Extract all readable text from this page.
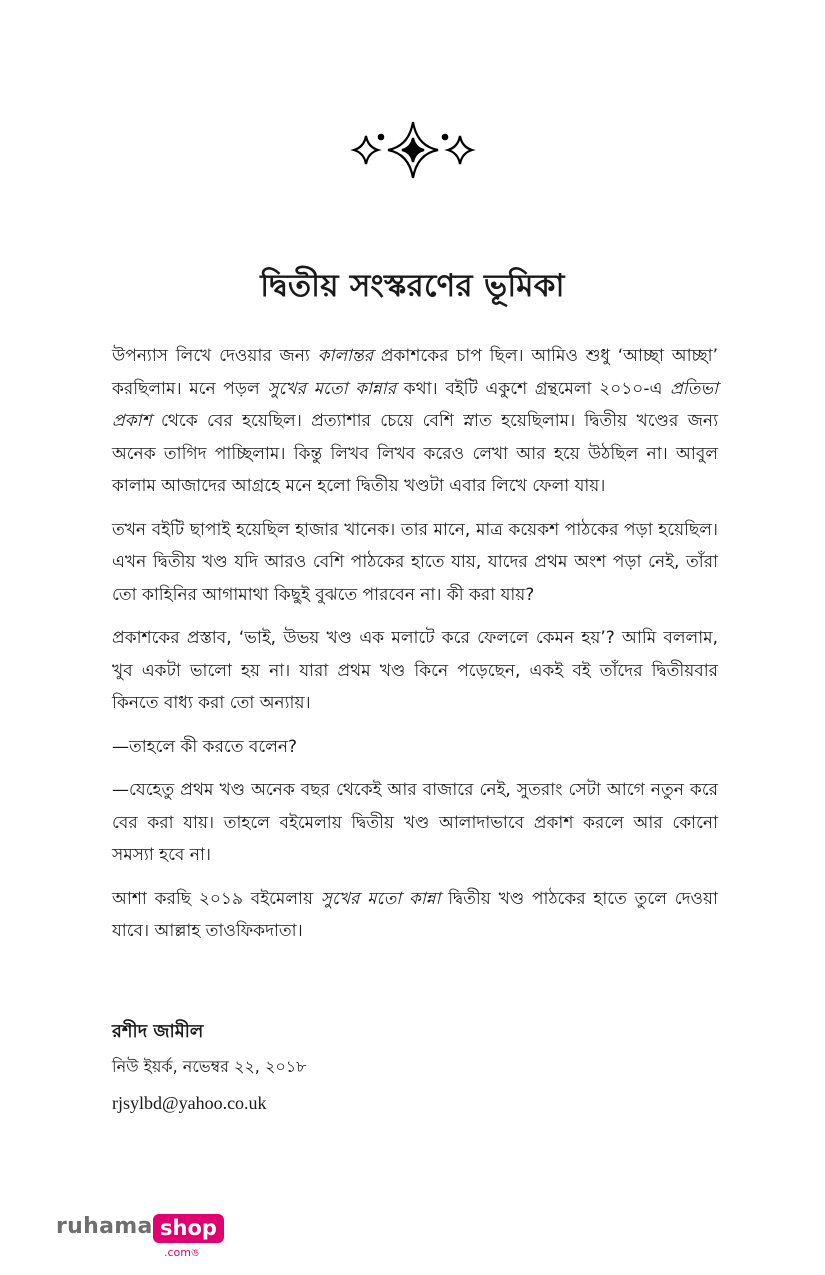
দ্বিতীয় সংস্করণের ভূমিকা

উপন্যাস লিখে দেওয়ার জন্য কালান্তর প্রকাশকের চাপ ছিল। আমিও শুধু ‘আচ্ছা আচ্ছা’ করছিলাম। মনে পড়ল সুখের মতো কান্নার কথা। বইটি একুশে গ্রন্থমেলা ২০১০-এ প্রতিভা প্রকাশ থেকে বের হয়েছিল। প্রত্যাশার চেয়ে বেশি স্নাত হয়েছিলাম। দ্বিতীয় খণ্ডের জন্য অনেক তাগিদ পাচ্ছিলাম। কিন্তু লিখব লিখব করেও লেখা আর হয়ে উঠছিল না। আবুল কালাম আজাদের আগ্রহে মনে হলো দ্বিতীয় খণ্ডটা এবার লিখে ফেলা যায়।

তখন বইটি ছাপাই হয়েছিল হাজার খানেক। তার মানে, মাত্র কয়েকশ পাঠকের পড়া হয়েছিল। এখন দ্বিতীয় খণ্ড যদি আরও বেশি পাঠকের হাতে যায়, যাদের প্রথম অংশ পড়া নেই, তাঁরা তো কাহিনির আগামাথা কিছুই বুঝতে পারবেন না। কী করা যায়?

প্রকাশকের প্রস্তাব, ‘ভাই, উভয় খণ্ড এক মলাটে করে ফেললে কেমন হয়’? আমি বললাম, খুব একটা ভালো হয় না। যারা প্রথম খণ্ড কিনে পড়েছেন, একই বই তাঁদের দ্বিতীয়বার কিনতে বাধ্য করা তো অন্যায়।

—তাহলে কী করতে বলেন?

—যেহেতু প্রথম খণ্ড অনেক বছর থেকেই আর বাজারে নেই, সুতরাং সেটা আগে নতুন করে বের করা যায়। তাহলে বইমেলায় দ্বিতীয় খণ্ড আলাদাভাবে প্রকাশ করলে আর কোনো সমস্যা হবে না।

আশা করছি ২০১৯ বইমেলায় সুখের মতো কান্না দ্বিতীয় খণ্ড পাঠকের হাতে তুলে দেওয়া যাবে। আল্লাহ তাওফিকদাতা।

রশীদ জামীল
নিউ ইয়র্ক, নভেম্বর ২২, ২০১৮
rjsylbd@yahoo.co.uk
ruhama shop
.comঙ
